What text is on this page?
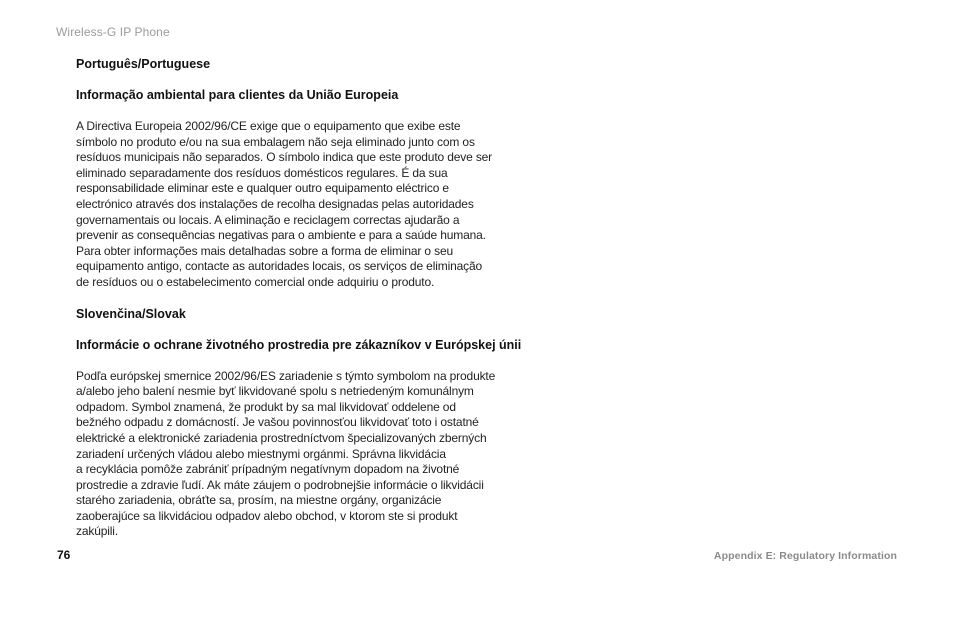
Wireless-G IP Phone
Português/Portuguese
Informação ambiental para clientes da União Europeia
A Directiva Europeia 2002/96/CE exige que o equipamento que exibe este
símbolo no produto e/ou na sua embalagem não seja eliminado junto com os
resíduos municipais não separados. O símbolo indica que este produto deve ser
eliminado separadamente dos resíduos domésticos regulares. É da sua
responsabilidade eliminar este e qualquer outro equipamento eléctrico e
electrónico através dos instalações de recolha designadas pelas autoridades
governamentais ou locais. A eliminação e reciclagem correctas ajudarão a
prevenir as consequências negativas para o ambiente e para a saúde humana.
Para obter informações mais detalhadas sobre a forma de eliminar o seu
equipamento antigo, contacte as autoridades locais, os serviços de eliminação
de resíduos ou o estabelecimento comercial onde adquiriu o produto.
Slovenčina/Slovak
Informácie o ochrane životného prostredia pre zákazníkov v Európskej únii
Podľa európskej smernice 2002/96/ES zariadenie s týmto symbolom na produkte
a/alebo jeho balení nesmie byť likvidované spolu s netriedeným komunálnym
odpadom. Symbol znamená, že produkt by sa mal likvidovať oddelene od
bežného odpadu z domácností. Je vašou povinnosťou likvidovať toto i ostatné
elektrické a elektronické zariadenia prostredníctvom špecializovaných zberných
zariadení určených vládou alebo miestnymi orgánmi. Správna likvidácia
a recyklácia pomôže zabrániť prípadným negatívnym dopadom na životné
prostredie a zdravie ľudí. Ak máte záujem o podrobnejšie informácie o likvidácii
starého zariadenia, obráťte sa, prosím, na miestne orgány, organizácie
zaoberajúce sa likvidáciou odpadov alebo obchod, v ktorom ste si produkt
zakúpili.
76	Appendix E: Regulatory Information
